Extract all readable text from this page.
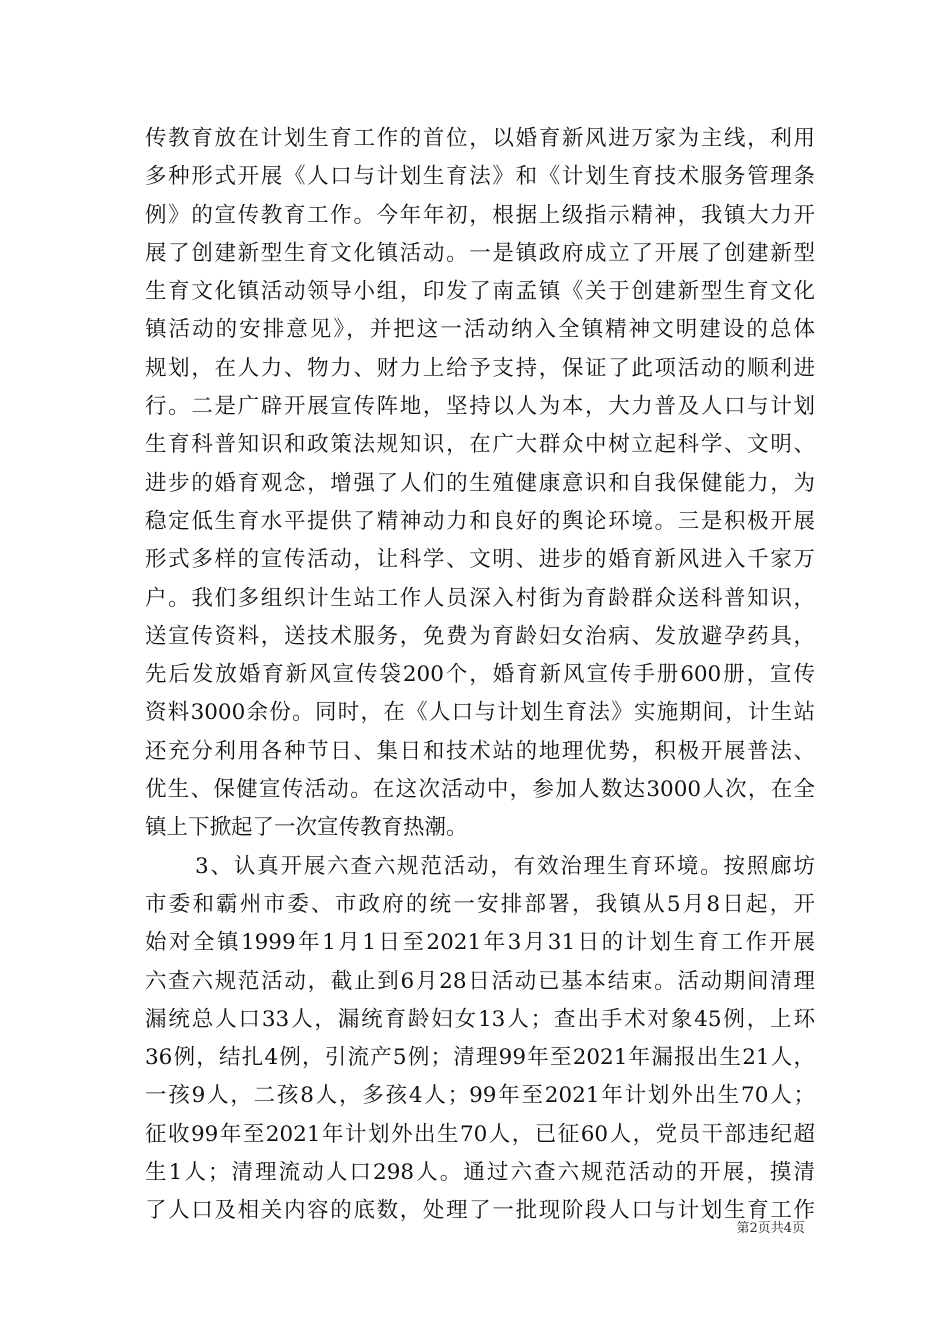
传教育放在计划生育工作的首位，以婚育新风进万家为主线，利用
多种形式开展《人口与计划生育法》和《计划生育技术服务管理条
例》的宣传教育工作。今年年初，根据上级指示精神，我镇大力开
展了创建新型生育文化镇活动。一是镇政府成立了开展了创建新型
生育文化镇活动领导小组，印发了南孟镇《关于创建新型生育文化
镇活动的安排意见》，并把这一活动纳入全镇精神文明建设的总体
规划，在人力、物力、财力上给予支持，保证了此项活动的顺利进
行。二是广辟开展宣传阵地，坚持以人为本，大力普及人口与计划
生育科普知识和政策法规知识，在广大群众中树立起科学、文明、
进步的婚育观念，增强了人们的生殖健康意识和自我保健能力，为
稳定低生育水平提供了精神动力和良好的舆论环境。三是积极开展
形式多样的宣传活动，让科学、文明、进步的婚育新风进入千家万
户。我们多组织计生站工作人员深入村街为育龄群众送科普知识，
送宣传资料，送技术服务，免费为育龄妇女治病、发放避孕药具，
先后发放婚育新风宣传袋200个，婚育新风宣传手册600册，宣传
资料3000余份。同时，在《人口与计划生育法》实施期间，计生站
还充分利用各种节日、集日和技术站的地理优势，积极开展普法、
优生、保健宣传活动。在这次活动中，参加人数达3000人次，在全
镇上下掀起了一次宣传教育热潮。
3、认真开展六查六规范活动，有效治理生育环境。按照廊坊
市委和霸州市委、市政府的统一安排部署，我镇从5月8日起，开
始对全镇1999年1月1日至2021年3月31日的计划生育工作开展
六查六规范活动，截止到6月28日活动已基本结束。活动期间清理
漏统总人口33人，漏统育龄妇女13人；查出手术对象45例，上环
36例，结扎4例，引流产5例；清理99年至2021年漏报出生21人，
一孩9人，二孩8人，多孩4人；99年至2021年计划外出生70人；
征收99年至2021年计划外出生70人，已征60人，党员干部违纪超
生1人；清理流动人口298人。通过六查六规范活动的开展，摸清
了人口及相关内容的底数，处理了一批现阶段人口与计划生育工作
第2页共4页
